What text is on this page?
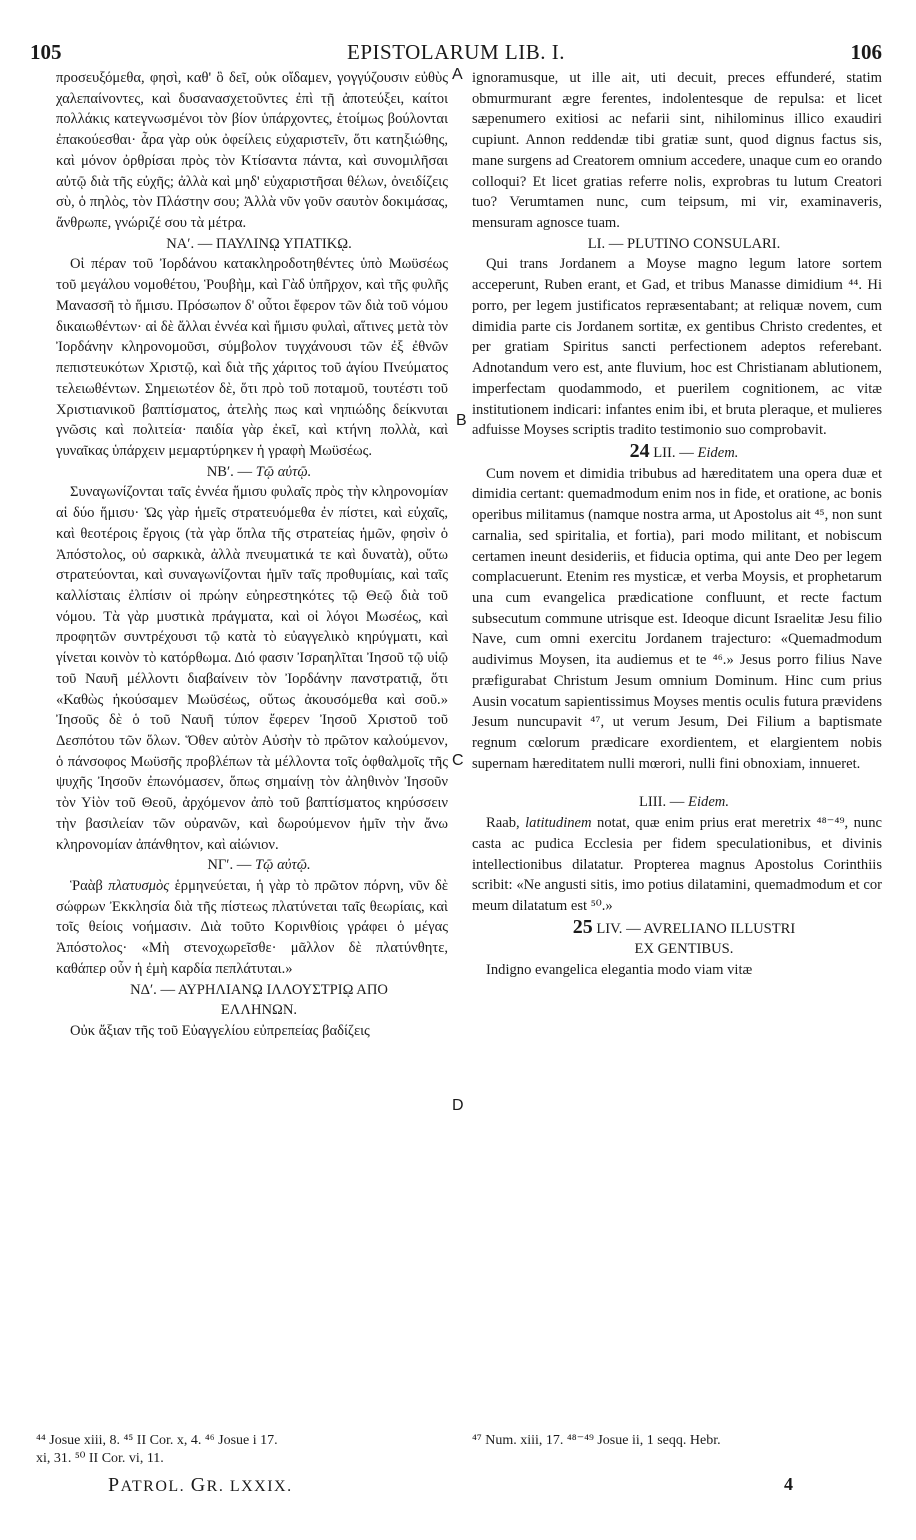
105	EPISTOLARUM LIB. I.	106

προσευξόμεθα, φησὶ, καθ' ὃ δεῖ, οὐκ οἴδαμεν, γογγύζουσιν εὐθὺς χαλεπαίνοντες, καὶ δυσανασχετοῦντες ἐπὶ τῇ ἀποτεύξει, καίτοι πολλάκις κατεγνωσμένοι τὸν βίον ὑπάρχοντες, ἑτοίμως βούλονται ἐπακούεσθαι· ἆρα γὰρ οὐκ ὀφείλεις εὐχαριστεῖν, ὅτι κατηξιώθης, καὶ μόνον ὀρθρίσαι πρὸς τὸν Κτίσαντα πάντα, καὶ συνομιλῆσαι αὐτῷ διὰ τῆς εὐχῆς; ἀλλὰ καὶ μηδ' εὐχαριστῆσαι θέλων, ὀνειδίζεις σὺ, ὁ πηλὸς, τὸν Πλάστην σου; Ἀλλὰ νῦν γοῦν σαυτὸν δοκιμάσας, ἄνθρωπε, γνώριζέ σου τὰ μέτρα.

ΝΑʹ. — ΠΑΥΛΙΝῼ ΥΠΑΤΙΚῼ.

Οἱ πέραν τοῦ Ἰορδάνου κατακληροδοτηθέντες ὑπὸ Μωϋσέως τοῦ μεγάλου νομοθέτου, Ῥουβὴμ, καὶ Γὰδ ὑπῆρχον, καὶ τῆς φυλῆς Μανασσῆ τὸ ἥμισυ. Πρόσωπον δ' οὗτοι ἔφερον τῶν διὰ τοῦ νόμου δικαιωθέντων· αἱ δὲ ἄλλαι ἐννέα καὶ ἥμισυ φυλαὶ, αἵτινες μετὰ τὸν Ἰορδάνην κληρονομοῦσι, σύμβολον τυγχάνουσι τῶν ἐξ ἐθνῶν πεπιστευκότων Χριστῷ, καὶ διὰ τῆς χάριτος τοῦ ἁγίου Πνεύματος τελειωθέντων. Σημειωτέον δὲ, ὅτι πρὸ τοῦ ποταμοῦ, τουτέστι τοῦ Χριστιανικοῦ βαπτίσματος, ἀτελὴς πως καὶ νηπιώδης δείκνυται γνῶσις καὶ πολιτεία· παιδία γὰρ ἐκεῖ, καὶ κτήνη πολλὰ, καὶ γυναῖκας ὑπάρχειν μεμαρτύρηκεν ἡ γραφὴ Μωϋσέως.

ΝΒʹ. — Τῷ αὐτῷ.

Συναγωνίζονται ταῖς ἐννέα ἥμισυ φυλαῖς πρὸς τὴν κληρονομίαν αἱ δύο ἥμισυ· Ὡς γὰρ ἡμεῖς στρατευόμεθα ἐν πίστει, καὶ εὐχαῖς, καὶ θεοτέροις ἔργοις (τὰ γὰρ ὅπλα τῆς στρατείας ἡμῶν, φησὶν ὁ Ἀπόστολος, οὐ σαρκικὰ, ἀλλὰ πνευματικά τε καὶ δυνατὰ), οὕτω στρατεύονται, καὶ συναγωνίζονται ἡμῖν ταῖς προθυμίαις, καὶ ταῖς καλλίσταις ἐλπίσιν οἱ πρώην εὐηρεστηκότες τῷ Θεῷ διὰ τοῦ νόμου. Τὰ γὰρ μυστικὰ πράγματα, καὶ οἱ λόγοι Μωσέως, καὶ προφητῶν συντρέχουσι τῷ κατὰ τὸ εὐαγγελικὸ κηρύγματι, καὶ γίνεται κοινὸν τὸ κατόρθωμα. Διό φασιν Ἰσραηλῖται Ἰησοῦ τῷ υἱῷ τοῦ Ναυῆ μέλλοντι διαβαίνειν τὸν Ἰορδάνην πανστρατιᾷ, ὅτι «Καθὼς ἠκούσαμεν Μωϋσέως, οὕτως ἀκουσόμεθα καὶ σοῦ.» Ἰησοῦς δὲ ὁ τοῦ Ναυῆ τύπον ἔφερεν Ἰησοῦ Χριστοῦ τοῦ Δεσπότου τῶν ὅλων. Ὅθεν αὐτὸν Αὐσὴν τὸ πρῶτον καλούμενον, ὁ πάνσοφος Μωϋσῆς προβλέπων τὰ μέλλοντα τοῖς ὀφθαλμοῖς τῆς ψυχῆς Ἰησοῦν ἐπωνόμασεν, ὅπως σημαίνῃ τὸν ἀληθινὸν Ἰησοῦν τὸν Υἱὸν τοῦ Θεοῦ, ἀρχόμενον ἀπὸ τοῦ βαπτίσματος κηρύσσειν τὴν βασιλείαν τῶν οὐρανῶν, καὶ δωρούμενον ἡμῖν τὴν ἄνω κληρονομίαν ἀπάνθητον, καὶ αἰώνιον.

ΝΓʹ. — Τῷ αὐτῷ.

Ῥαὰβ πλατυσμὸς ἑρμηνεύεται, ἡ γὰρ τὸ πρῶτον πόρνη, νῦν δὲ σώφρων Ἐκκλησία διὰ τῆς πίστεως πλατύνεται ταῖς θεωρίαις, καὶ τοῖς θείοις νοήμασιν. Διὰ τοῦτο Κορινθίοις γράφει ὁ μέγας Ἀπόστολος· «Μὴ στενοχωρεῖσθε· μᾶλλον δὲ πλατύνθητε, καθάπερ οὖν ἡ ἐμὴ καρδία πεπλάτυται.»

ΝΔʹ. — ΑΥΡΗΛΙΑΝῼ ΙΛΛΟΥΣΤΡΙῼ ΑΠΟ

ΕΛΛΗΝΩΝ.

Οὐκ ἄξιαν τῆς τοῦ Εὐαγγελίου εὐπρεπείας βαδίζεις

A
B
C
D

ignoramusque, ut ille ait, uti decuit, preces effunderé, statim obmurmurant ægre ferentes, indolentesque de repulsa: et licet sæpenumero exitiosi ac nefarii sint, nihilominus illico exaudiri cupiunt. Annon reddendæ tibi gratiæ sunt, quod dignus factus sis, mane surgens ad Creatorem omnium accedere, unaque cum eo orando colloqui? Et licet gratias referre nolis, exprobras tu lutum Creatori tuo? Verumtamen nunc, cum teipsum, mi vir, examinaveris, mensuram agnosce tuam.

LI. — PLUTINO CONSULARI.

Qui trans Jordanem a Moyse magno legum latore sortem acceperunt, Ruben erant, et Gad, et tribus Manasse dimidium ⁴⁴. Hi porro, per legem justificatos repræsentabant; at reliquæ novem, cum dimidia parte cis Jordanem sortitæ, ex gentibus Christo credentes, et per gratiam Spiritus sancti perfectionem adeptos referebant. Adnotandum vero est, ante fluvium, hoc est Christianam ablutionem, imperfectam quodammodo, et puerilem cognitionem, ac vitæ institutionem indicari: infantes enim ibi, et bruta pleraque, et mulieres adfuisse Moyses scriptis tradito testimonio suo comprobavit.

24 LII. — Eidem.

Cum novem et dimidia tribubus ad hæreditatem una opera duæ et dimidia certant: quemadmodum enim nos in fide, et oratione, ac bonis operibus militamus (namque nostra arma, ut Apostolus ait ⁴⁵, non sunt carnalia, sed spiritalia, et fortia), pari modo militant, et nobiscum certamen ineunt desideriis, et fiducia optima, qui ante Deo per legem complacuerunt. Etenim res mysticæ, et verba Moysis, et prophetarum una cum evangelica prædicatione confluunt, et recte factum subsecutum commune utrisque est. Ideoque dicunt Israelitæ Jesu filio Nave, cum omni exercitu Jordanem trajecturo: «Quemadmodum audivimus Moysen, ita audiemus et te ⁴⁶.» Jesus porro filius Nave præfigurabat Christum Jesum omnium Dominum. Hinc cum prius Ausin vocatum sapientissimus Moyses mentis oculis futura prævidens Jesum nuncupavit ⁴⁷, ut verum Jesum, Dei Filium a baptismate regnum cœlorum prædicare exordientem, et elargientem nobis supernam hæreditatem nulli mœrori, nulli fini obnoxiam, innueret.

LIII. — Eidem.

Raab, latitudinem notat, quæ enim prius erat meretrix ⁴⁸⁻⁴⁹, nunc casta ac pudica Ecclesia per fidem speculationibus, et divinis intellectionibus dilatatur. Propterea magnus Apostolus Corinthiis scribit: «Ne angusti sitis, imo potius dilatamini, quemadmodum et cor meum dilatatum est ⁵⁰.»

25 LIV. — AVRELIANO ILLUSTRI

EX GENTIBUS.

Indigno evangelica elegantia modo viam vitæ

⁴⁴ Josue xiii, 8. ⁴⁵ II Cor. x, 4. ⁴⁶ Josue i 17.
xi, 31. ⁵⁰ II Cor. vi, 11.
⁴⁷ Num. xiii, 17. ⁴⁸⁻⁴⁹ Josue ii, 1 seqq. Hebr.
PATROL. GR. LXXIX.	4
